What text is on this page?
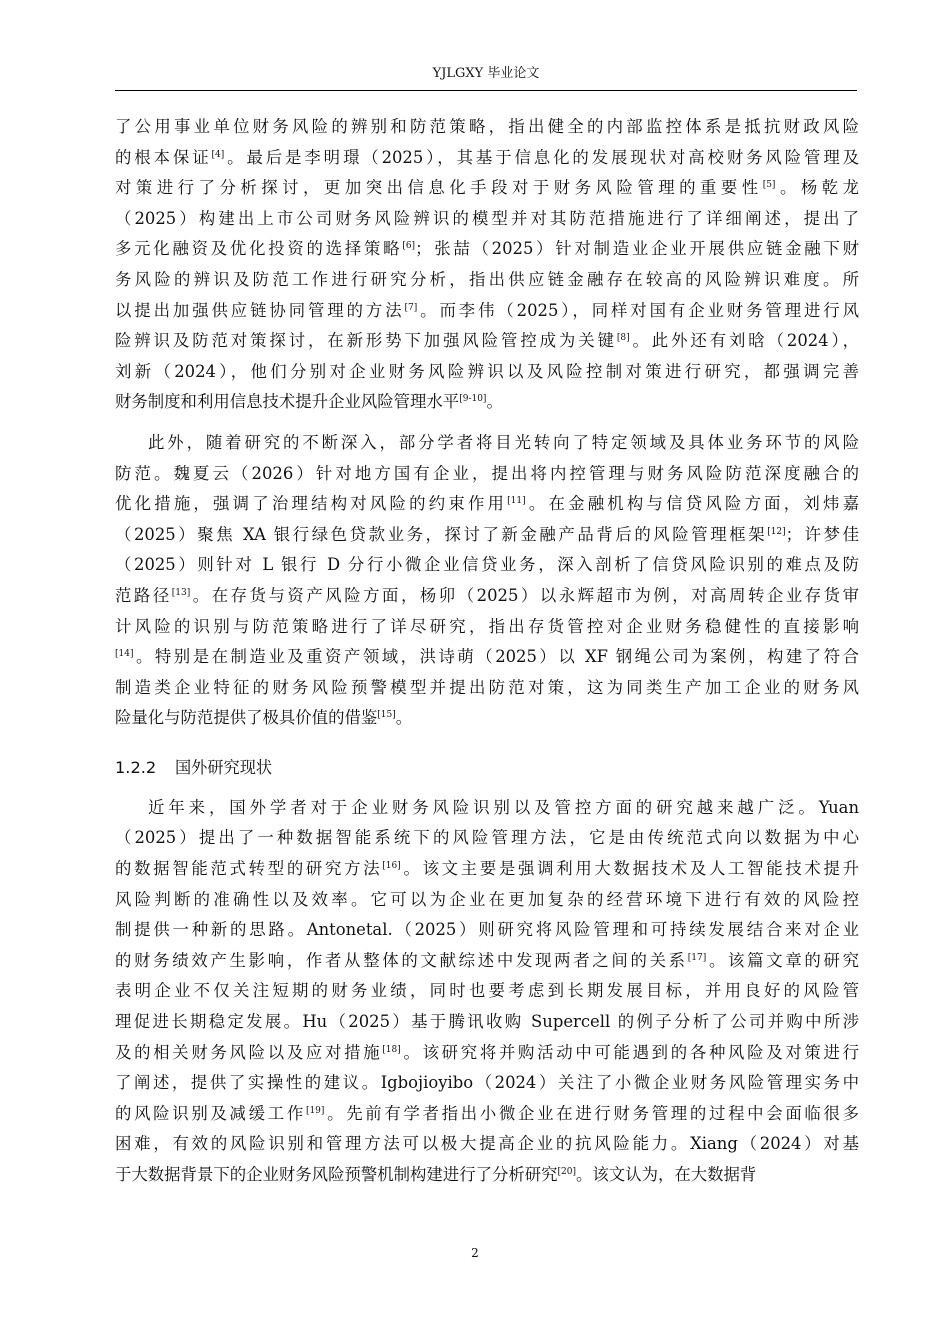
YJLGXY 毕业论文
了公用事业单位财务风险的辨别和防范策略，指出健全的内部监控体系是抵抗财政风险
的根本保证[4]。最后是李明璟（2025），其基于信息化的发展现状对高校财务风险管理及
对策进行了分析探讨，更加突出信息化手段对于财务风险管理的重要性[5]。杨乾龙
（2025）构建出上市公司财务风险辨识的模型并对其防范措施进行了详细阐述，提出了
多元化融资及优化投资的选择策略[6]；张喆（2025）针对制造业企业开展供应链金融下财
务风险的辨识及防范工作进行研究分析，指出供应链金融存在较高的风险辨识难度。所
以提出加强供应链协同管理的方法[7]。而李伟（2025），同样对国有企业财务管理进行风
险辨识及防范对策探讨，在新形势下加强风险管控成为关键[8]。此外还有刘晗（2024），
刘新（2024），他们分别对企业财务风险辨识以及风险控制对策进行研究，都强调完善
财务制度和利用信息技术提升企业风险管理水平[9-10]。
此外，随着研究的不断深入，部分学者将目光转向了特定领域及具体业务环节的风险
防范。魏夏云（2026）针对地方国有企业，提出将内控管理与财务风险防范深度融合的
优化措施，强调了治理结构对风险的约束作用[11]。在金融机构与信贷风险方面，刘炜嘉
（2025）聚焦 XA 银行绿色贷款业务，探讨了新金融产品背后的风险管理框架[12]；许梦佳
（2025）则针对 L 银行 D 分行小微企业信贷业务，深入剖析了信贷风险识别的难点及防
范路径[13]。在存货与资产风险方面，杨卯（2025）以永辉超市为例，对高周转企业存货审
计风险的识别与防范策略进行了详尽研究，指出存货管控对企业财务稳健性的直接影响
[14]。特别是在制造业及重资产领域，洪诗萌（2025）以 XF 钢绳公司为案例，构建了符合
制造类企业特征的财务风险预警模型并提出防范对策，这为同类生产加工企业的财务风
险量化与防范提供了极具价值的借鉴[15]。
1.2.2 国外研究现状
近年来，国外学者对于企业财务风险识别以及管控方面的研究越来越广泛。Yuan
（2025）提出了一种数据智能系统下的风险管理方法，它是由传统范式向以数据为中心
的数据智能范式转型的研究方法[16]。该文主要是强调利用大数据技术及人工智能技术提升
风险判断的准确性以及效率。它可以为企业在更加复杂的经营环境下进行有效的风险控
制提供一种新的思路。Antonetal.（2025）则研究将风险管理和可持续发展结合来对企业
的财务绩效产生影响，作者从整体的文献综述中发现两者之间的关系[17]。该篇文章的研究
表明企业不仅关注短期的财务业绩，同时也要考虑到长期发展目标，并用良好的风险管
理促进长期稳定发展。Hu（2025）基于腾讯收购 Supercell 的例子分析了公司并购中所涉
及的相关财务风险以及应对措施[18]。该研究将并购活动中可能遇到的各种风险及对策进行
了阐述，提供了实操性的建议。Igbojioyibo（2024）关注了小微企业财务风险管理实务中
的风险识别及减缓工作[19]。先前有学者指出小微企业在进行财务管理的过程中会面临很多
困难，有效的风险识别和管理方法可以极大提高企业的抗风险能力。Xiang（2024）对基
于大数据背景下的企业财务风险预警机制构建进行了分析研究[20]。该文认为，在大数据背
2
